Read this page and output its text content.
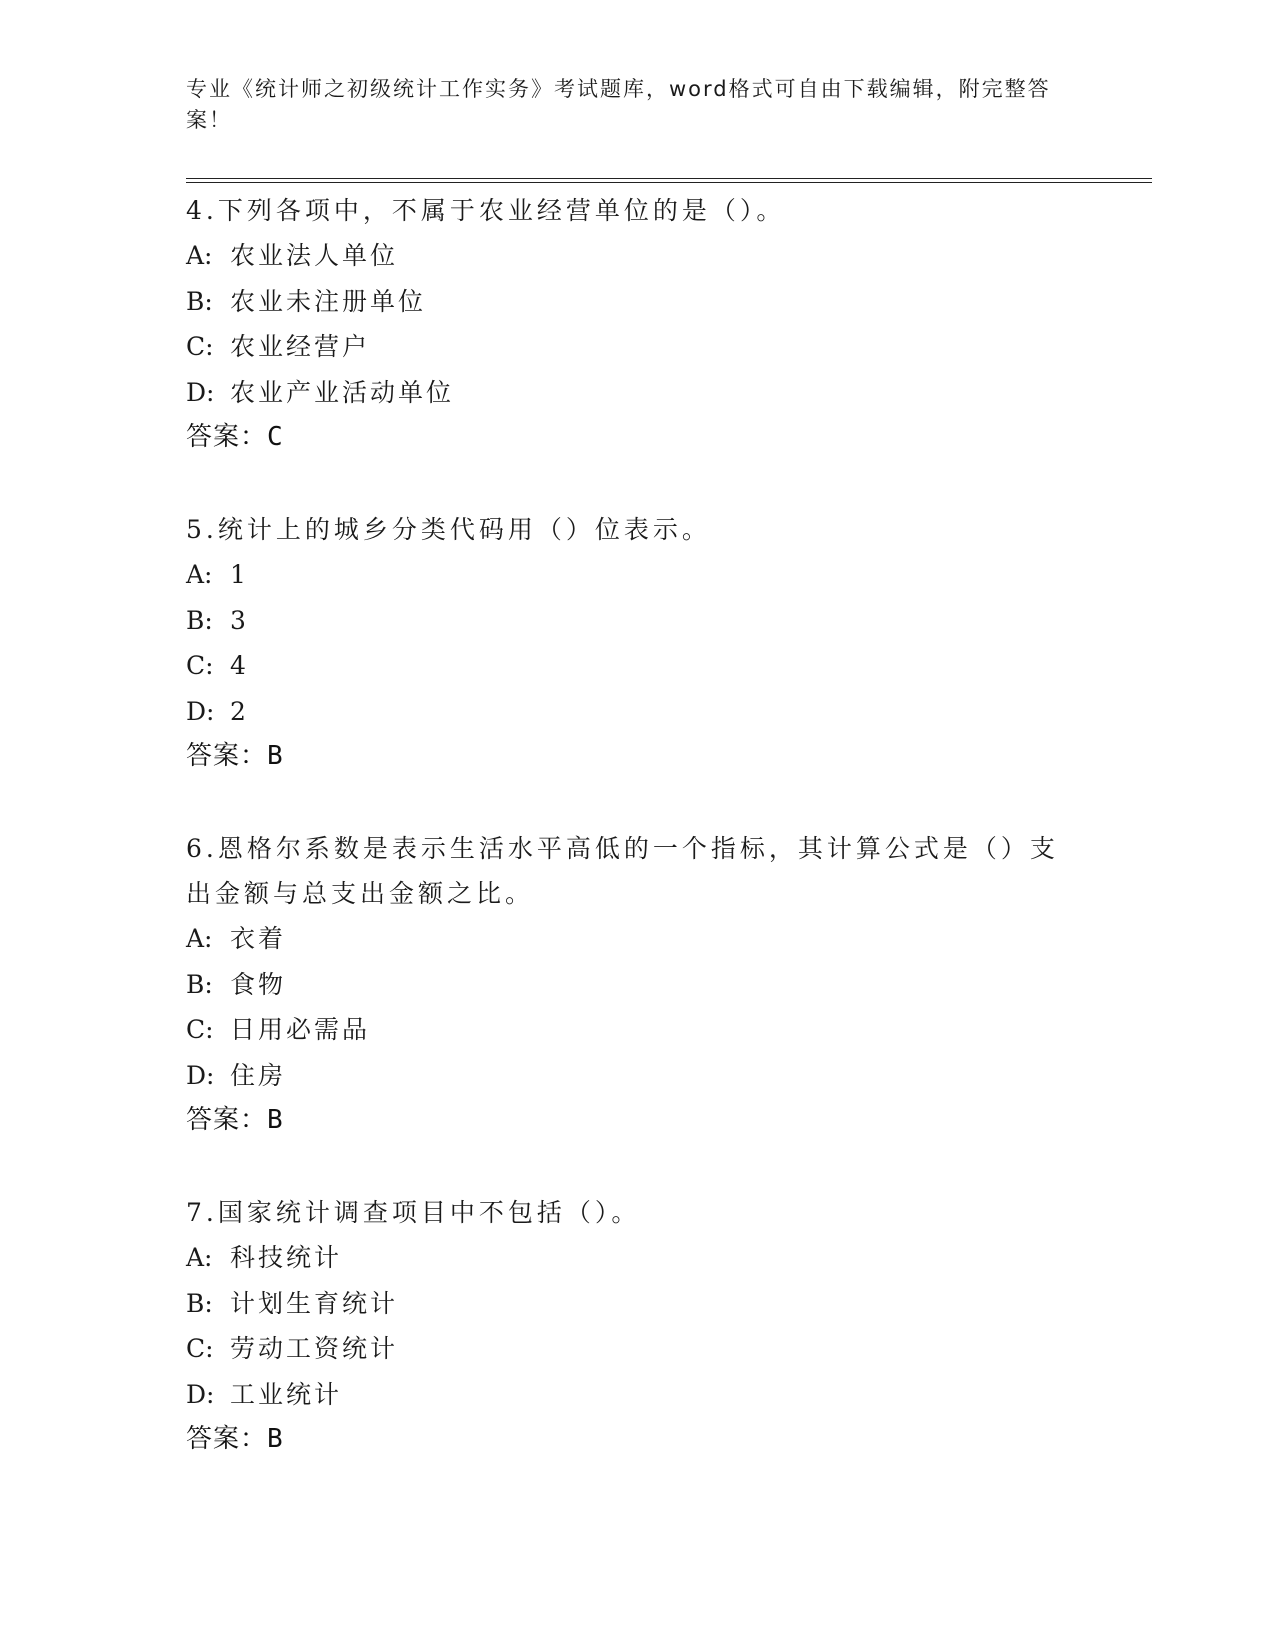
专业《统计师之初级统计工作实务》考试题库，word格式可自由下载编辑，附完整答案！
4.下列各项中，不属于农业经营单位的是（）。
A: 农业法人单位
B: 农业未注册单位
C: 农业经营户
D: 农业产业活动单位
答案：C
5.统计上的城乡分类代码用（）位表示。
A: 1
B: 3
C: 4
D: 2
答案：B
6.恩格尔系数是表示生活水平高低的一个指标，其计算公式是（）支出金额与总支出金额之比。
A: 衣着
B: 食物
C: 日用必需品
D: 住房
答案：B
7.国家统计调查项目中不包括（）。
A: 科技统计
B: 计划生育统计
C: 劳动工资统计
D: 工业统计
答案：B
